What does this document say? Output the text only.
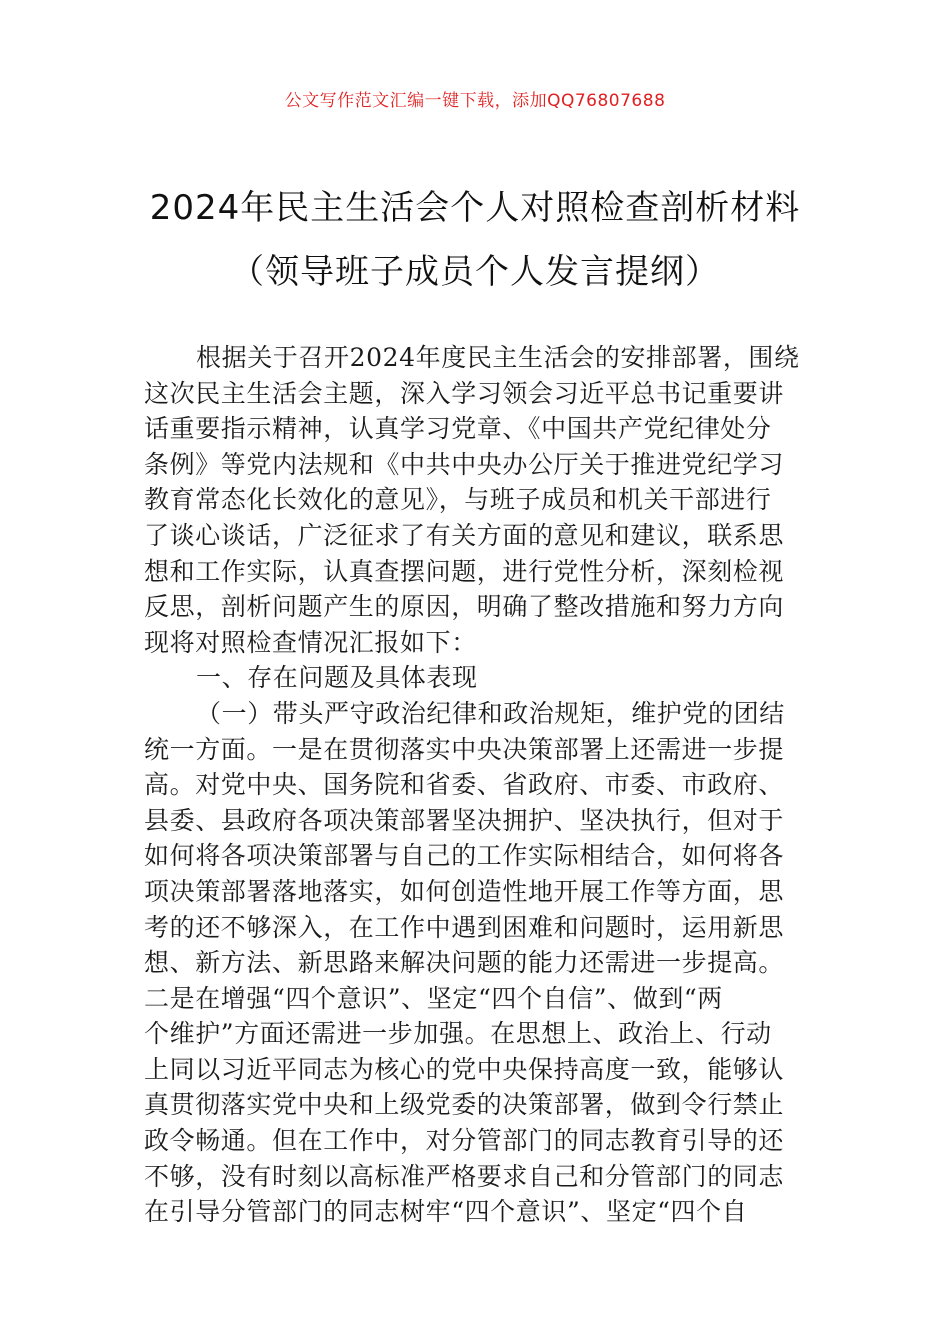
公文写作范文汇编一键下载，添加QQ76807688
2024年民主生活会个人对照检查剖析材料
（领导班子成员个人发言提纲）
根据关于召开2024年度民主生活会的安排部署，围绕
这次民主生活会主题，深入学习领会习近平总书记重要讲
话重要指示精神，认真学习党章、《中国共产党纪律处分
条例》等党内法规和《中共中央办公厅关于推进党纪学习
教育常态化长效化的意见》，与班子成员和机关干部进行
了谈心谈话，广泛征求了有关方面的意见和建议，联系思
想和工作实际，认真查摆问题，进行党性分析，深刻检视
反思，剖析问题产生的原因，明确了整改措施和努力方向
现将对照检查情况汇报如下：
一、存在问题及具体表现
（一）带头严守政治纪律和政治规矩，维护党的团结
统一方面。一是在贯彻落实中央决策部署上还需进一步提
高。对党中央、国务院和省委、省政府、市委、市政府、
县委、县政府各项决策部署坚决拥护、坚决执行，但对于
如何将各项决策部署与自己的工作实际相结合，如何将各
项决策部署落地落实，如何创造性地开展工作等方面，思
考的还不够深入，在工作中遇到困难和问题时，运用新思
想、新方法、新思路来解决问题的能力还需进一步提高。
二是在增强“四个意识”、坚定“四个自信”、做到“两
个维护”方面还需进一步加强。在思想上、政治上、行动
上同以习近平同志为核心的党中央保持高度一致，能够认
真贯彻落实党中央和上级党委的决策部署，做到令行禁止
政令畅通。但在工作中，对分管部门的同志教育引导的还
不够，没有时刻以高标准严格要求自己和分管部门的同志
在引导分管部门的同志树牢“四个意识”、坚定“四个自
